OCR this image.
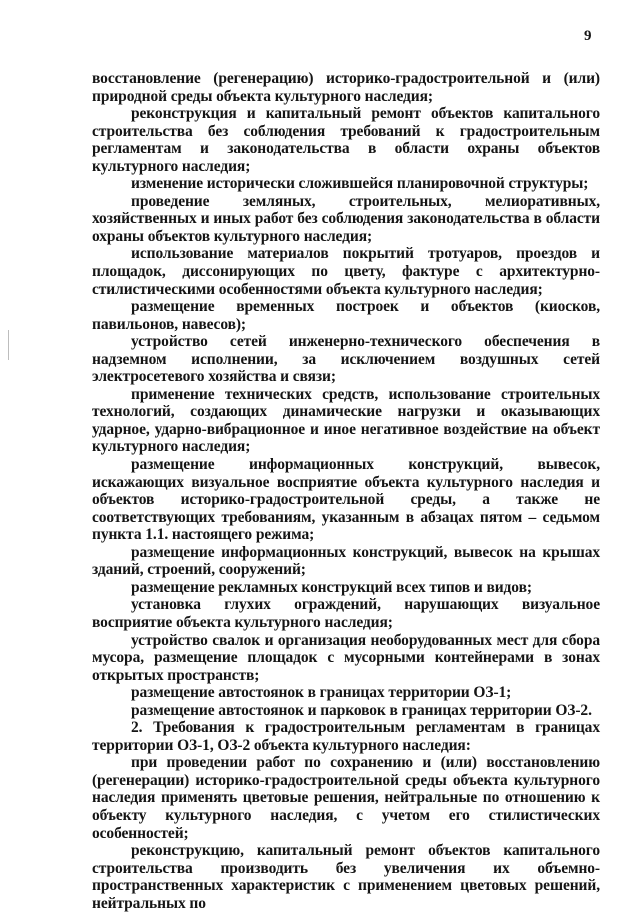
9

восстановление (регенерацию) историко-градостроительной и (или) природной среды объекта культурного наследия;

реконструкция и капитальный ремонт объектов капитального строительства без соблюдения требований к градостроительным регламентам и законодательства в области охраны объектов культурного наследия;

изменение исторически сложившейся планировочной структуры;

проведение земляных, строительных, мелиоративных, хозяйственных и иных работ без соблюдения законодательства в области охраны объектов культурного наследия;

использование материалов покрытий тротуаров, проездов и площадок, диссонирующих по цвету, фактуре с архитектурно-стилистическими особенностями объекта культурного наследия;

размещение временных построек и объектов (киосков, павильонов, навесов);

устройство сетей инженерно-технического обеспечения в надземном исполнении, за исключением воздушных сетей электросетевого хозяйства и связи;

применение технических средств, использование строительных технологий, создающих динамические нагрузки и оказывающих ударное, ударно-вибрационное и иное негативное воздействие на объект культурного наследия;

размещение информационных конструкций, вывесок, искажающих визуальное восприятие объекта культурного наследия и объектов историко-градостроительной среды, а также не соответствующих требованиям, указанным в абзацах пятом – седьмом пункта 1.1. настоящего режима;

размещение информационных конструкций, вывесок на крышах зданий, строений, сооружений;

размещение рекламных конструкций всех типов и видов;

установка глухих ограждений, нарушающих визуальное восприятие объекта культурного наследия;

устройство свалок и организация необорудованных мест для сбора мусора, размещение площадок с мусорными контейнерами в зонах открытых пространств;

размещение автостоянок в границах территории ОЗ-1;

размещение автостоянок и парковок в границах территории ОЗ-2.

2. Требования к градостроительным регламентам в границах территории ОЗ-1, ОЗ-2 объекта культурного наследия:

при проведении работ по сохранению и (или) восстановлению (регенерации) историко-градостроительной среды объекта культурного наследия применять цветовые решения, нейтральные по отношению к объекту культурного наследия, с учетом его стилистических особенностей;

реконструкцию, капитальный ремонт объектов капитального строительства производить без увеличения их объемно-пространственных характеристик с применением цветовых решений, нейтральных по
